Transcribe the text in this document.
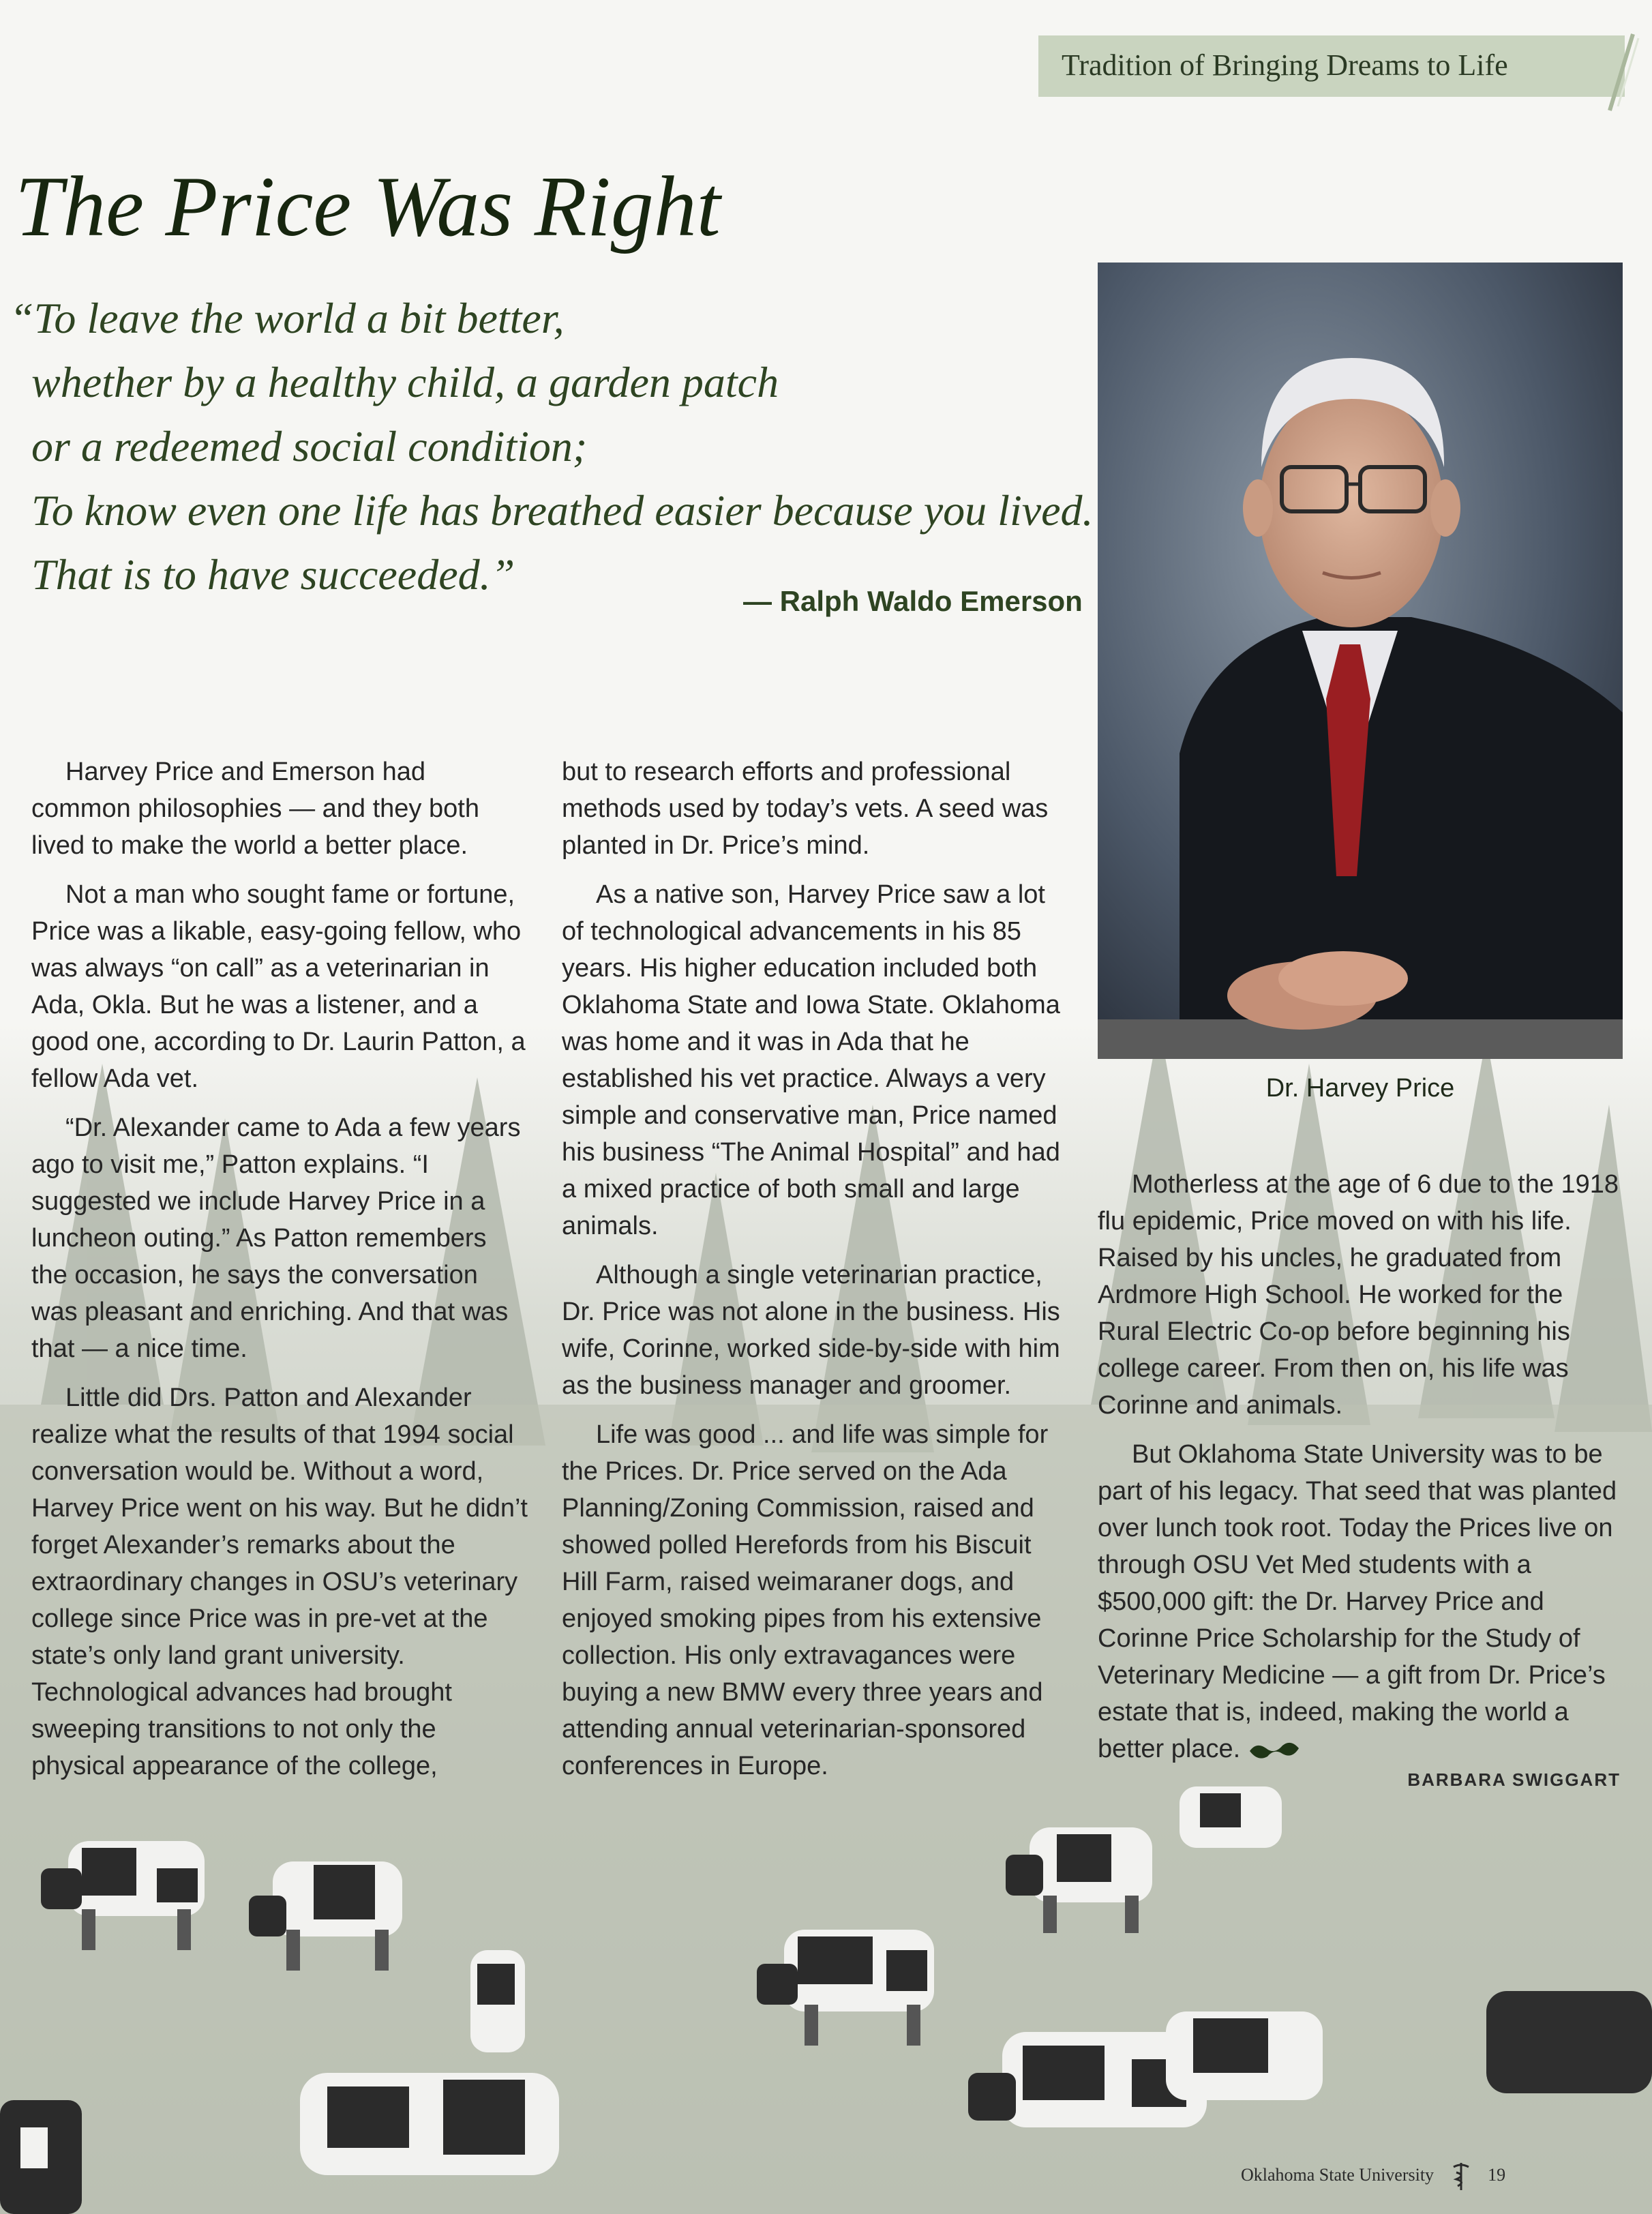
Tradition of Bringing Dreams to Life
The Price Was Right
“To leave the world a bit better,
whether by a healthy child, a garden patch
or a redeemed social condition;
To know even one life has breathed easier because you lived.
That is to have succeeded.”
— Ralph Waldo Emerson
Dr. Harvey Price

Harvey Price and Emerson had common philosophies — and they both lived to make the world a better place.

Not a man who sought fame or fortune, Price was a likable, easy-going fellow, who was always “on call” as a veterinarian in Ada, Okla. But he was a listener, and a good one, according to Dr. Laurin Patton, a fellow Ada vet.

“Dr. Alexander came to Ada a few years ago to visit me,” Patton explains. “I suggested we include Harvey Price in a luncheon outing.” As Patton remembers the occasion, he says the conversation was pleasant and enriching. And that was that — a nice time.

Little did Drs. Patton and Alexander realize what the results of that 1994 social conversation would be. Without a word, Harvey Price went on his way. But he didn’t forget Alexander’s remarks about the extraordinary changes in OSU’s veterinary college since Price was in pre-vet at the state’s only land grant university. Technological advances had brought sweeping transitions to not only the physical appearance of the college,

but to research efforts and professional methods used by today’s vets. A seed was planted in Dr. Price’s mind.

As a native son, Harvey Price saw a lot of technological advancements in his 85 years. His higher education included both Oklahoma State and Iowa State. Oklahoma was home and it was in Ada that he established his vet practice. Always a very simple and conservative man, Price named his business “The Animal Hospital” and had a mixed practice of both small and large animals.

Although a single veterinarian practice, Dr. Price was not alone in the business. His wife, Corinne, worked side-by-side with him as the business manager and groomer.

Life was good ... and life was simple for the Prices. Dr. Price served on the Ada Planning/Zoning Commission, raised and showed polled Herefords from his Biscuit Hill Farm, raised weimaraner dogs, and enjoyed smoking pipes from his extensive collection. His only extravagances were buying a new BMW every three years and attending annual veterinarian-sponsored conferences in Europe.

Motherless at the age of 6 due to the 1918 flu epidemic, Price moved on with his life. Raised by his uncles, he graduated from Ardmore High School. He worked for the Rural Electric Co-op before beginning his college career. From then on, his life was Corinne and animals.

But Oklahoma State University was to be part of his legacy. That seed that was planted over lunch took root. Today the Prices live on through OSU Vet Med students with a $500,000 gift: the Dr. Harvey Price and Corinne Price Scholarship for the Study of Veterinary Medicine — a gift from Dr. Price’s estate that is, indeed, making the world a better place.

BARBARA SWIGGART
Oklahoma State University	19
